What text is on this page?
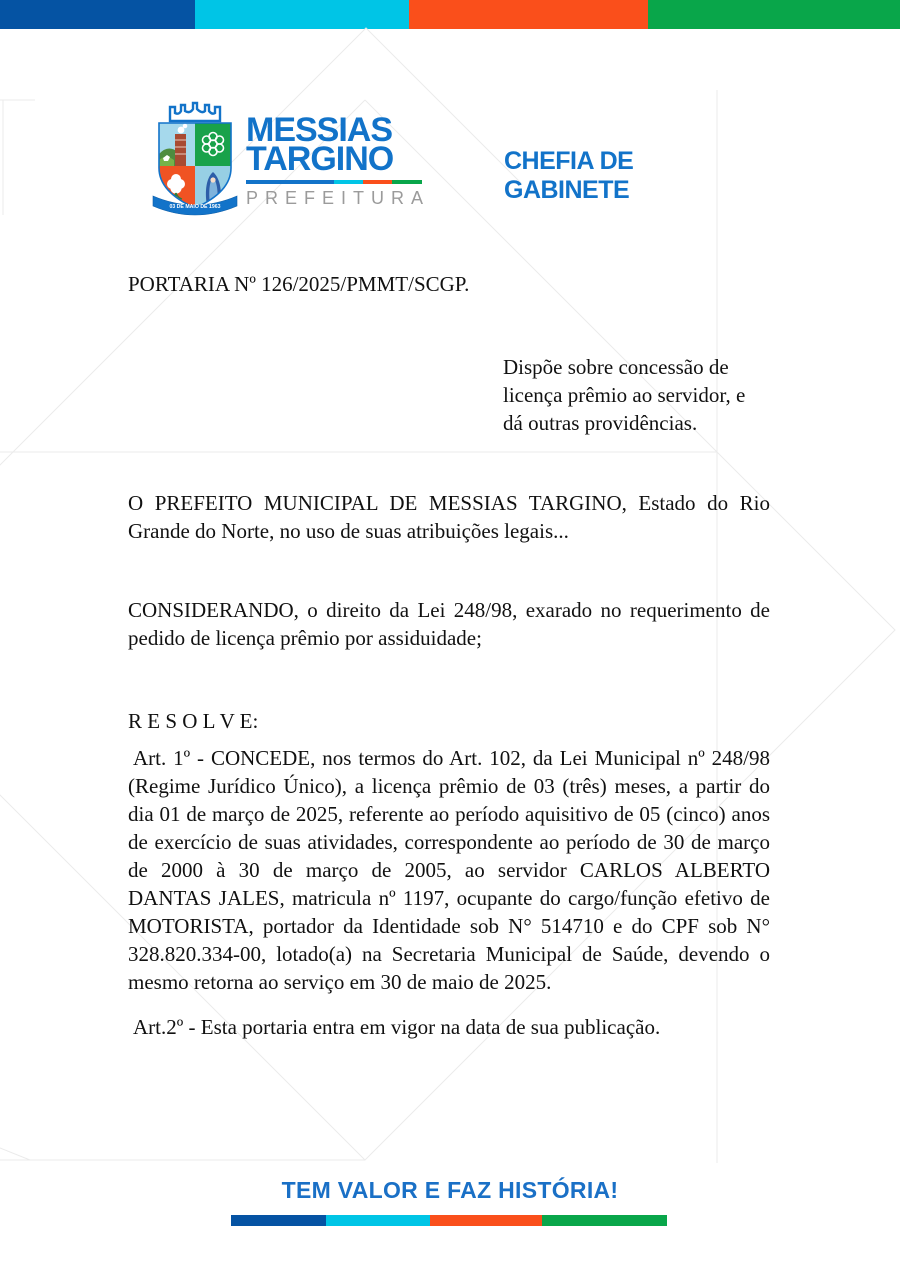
03 DE MAIO DE 1963
MESSIAS
TARGINO
PREFEITURA
CHEFIA DE GABINETE
PORTARIA Nº 126/2025/PMMT/SCGP.
Dispõe sobre concessão de
licença prêmio ao servidor, e
dá outras providências.
O PREFEITO MUNICIPAL DE MESSIAS TARGINO, Estado do Rio Grande do Norte, no uso de suas atribuições legais...
CONSIDERANDO, o direito da Lei 248/98, exarado no requerimento de pedido de licença prêmio por assiduidade;
R E S O L V E:
Art. 1º - CONCEDE, nos termos do Art. 102, da Lei Municipal nº 248/98 (Regime Jurídico Único), a licença prêmio de 03 (três) meses, a partir do dia 01 de março de 2025, referente ao período aquisitivo de 05 (cinco) anos de exercício de suas atividades, correspondente ao período de 30 de março de 2000 à 30 de março de 2005, ao servidor CARLOS ALBERTO DANTAS JALES, matricula nº 1197, ocupante do cargo/função efetivo de MOTORISTA, portador da Identidade sob N° 514710 e do CPF sob N° 328.820.334-00, lotado(a) na Secretaria Municipal de Saúde, devendo o mesmo retorna ao serviço em 30 de maio de 2025.
Art.2º - Esta portaria entra em vigor na data de sua publicação.
TEM VALOR E FAZ HISTÓRIA!
